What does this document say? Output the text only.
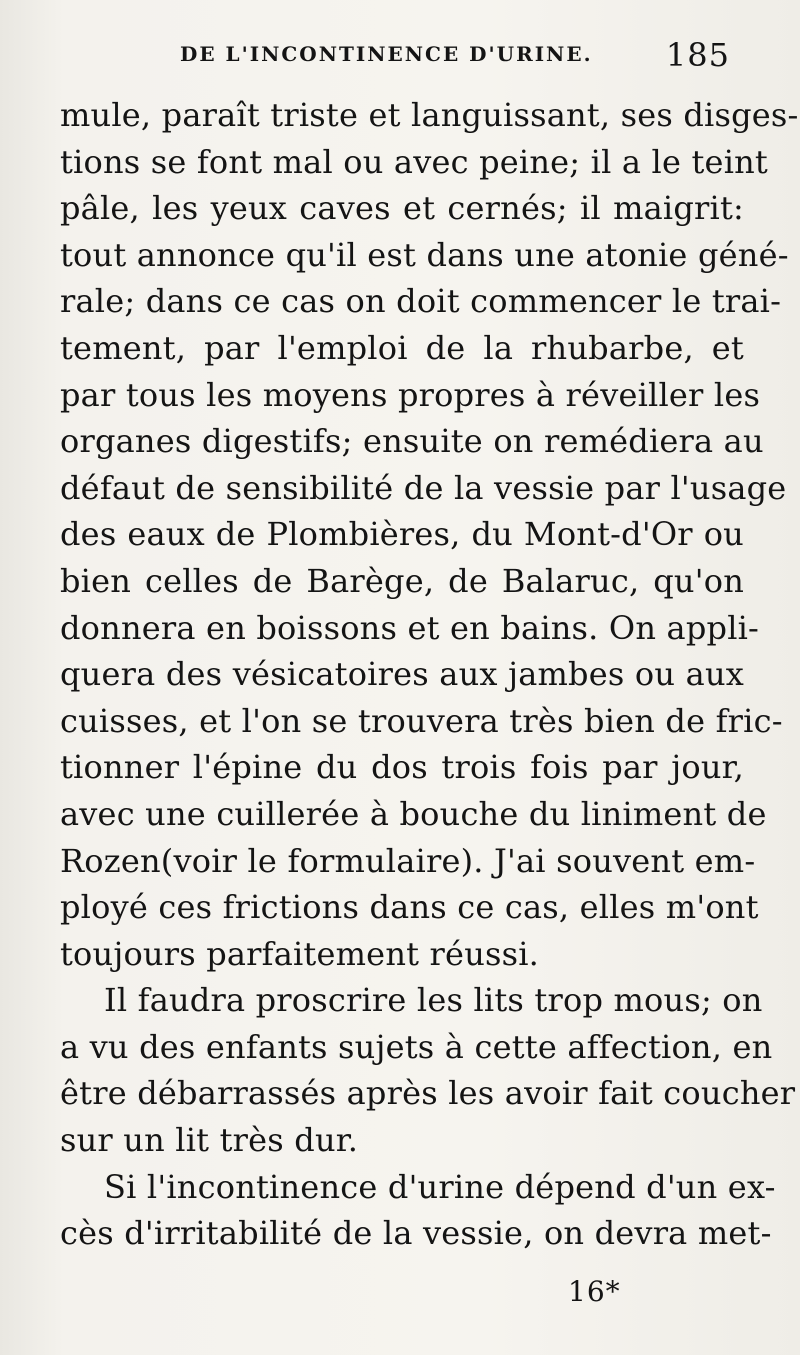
DE L'INCONTINENCE D'URINE. 185
mule, paraît triste et languissant, ses disges-
tions se font mal ou avec peine; il a le teint
pâle, les yeux caves et cernés; il maigrit:
tout annonce qu'il est dans une atonie géné-
rale; dans ce cas on doit commencer le trai-
tement, par l'emploi de la rhubarbe, et
par tous les moyens propres à réveiller les
organes digestifs; ensuite on remédiera au
défaut de sensibilité de la vessie par l'usage
des eaux de Plombières, du Mont-d'Or ou
bien celles de Barège, de Balaruc, qu'on
donnera en boissons et en bains. On appli-
quera des vésicatoires aux jambes ou aux
cuisses, et l'on se trouvera très bien de fric-
tionner l'épine du dos trois fois par jour,
avec une cuillerée à bouche du liniment de
Rozen(voir le formulaire). J'ai souvent em-
ployé ces frictions dans ce cas, elles m'ont
toujours parfaitement réussi.
Il faudra proscrire les lits trop mous; on
a vu des enfants sujets à cette affection, en
être débarrassés après les avoir fait coucher
sur un lit très dur.
Si l'incontinence d'urine dépend d'un ex-
cès d'irritabilité de la vessie, on devra met-
16*
